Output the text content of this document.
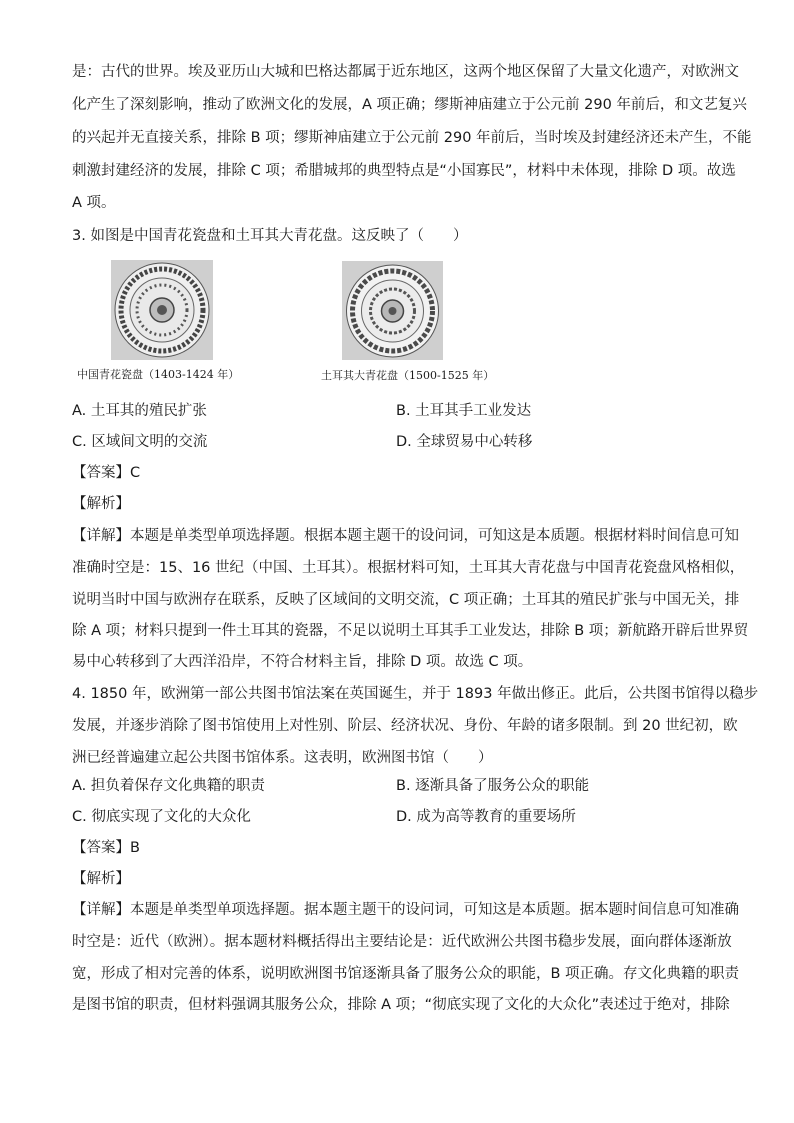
是：古代的世界。埃及亚历山大城和巴格达都属于近东地区，这两个地区保留了大量文化遗产，对欧洲文

化产生了深刻影响，推动了欧洲文化的发展，A 项正确；缪斯神庙建立于公元前 290 年前后，和文艺复兴

的兴起并无直接关系，排除 B 项；缪斯神庙建立于公元前 290 年前后，当时埃及封建经济还未产生，不能

刺激封建经济的发展，排除 C 项；希腊城邦的典型特点是“小国寡民”，材料中未体现，排除 D 项。故选

A 项。

3. 如图是中国青花瓷盘和土耳其大青花盘。这反映了（　　）

中国青花瓷盘（1403-1424 年）	土耳其大青花盘（1500-1525 年）
A. 土耳其的殖民扩张	B. 土耳其手工业发达
C. 区域间文明的交流	D. 全球贸易中心转移

【答案】C

【解析】

【详解】本题是单类型单项选择题。根据本题主题干的设问词，可知这是本质题。根据材料时间信息可知

准确时空是：15、16 世纪（中国、土耳其）。根据材料可知，土耳其大青花盘与中国青花瓷盘风格相似，

说明当时中国与欧洲存在联系，反映了区域间的文明交流，C 项正确；土耳其的殖民扩张与中国无关，排

除 A 项；材料只提到一件土耳其的瓷器，不足以说明土耳其手工业发达，排除 B 项；新航路开辟后世界贸

易中心转移到了大西洋沿岸，不符合材料主旨，排除 D 项。故选 C 项。

4. 1850 年，欧洲第一部公共图书馆法案在英国诞生，并于 1893 年做出修正。此后，公共图书馆得以稳步

发展，并逐步消除了图书馆使用上对性别、阶层、经济状况、身份、年龄的诸多限制。到 20 世纪初，欧

洲已经普遍建立起公共图书馆体系。这表明，欧洲图书馆（　　）

A. 担负着保存文化典籍的职责	B. 逐渐具备了服务公众的职能
C. 彻底实现了文化的大众化	D. 成为高等教育的重要场所

【答案】B

【解析】

【详解】本题是单类型单项选择题。据本题主题干的设问词，可知这是本质题。据本题时间信息可知准确

时空是：近代（欧洲）。据本题材料概括得出主要结论是：近代欧洲公共图书稳步发展，面向群体逐渐放

宽，形成了相对完善的体系，说明欧洲图书馆逐渐具备了服务公众的职能，B 项正确。存文化典籍的职责

是图书馆的职责，但材料强调其服务公众，排除 A 项；“彻底实现了文化的大众化”表述过于绝对，排除
